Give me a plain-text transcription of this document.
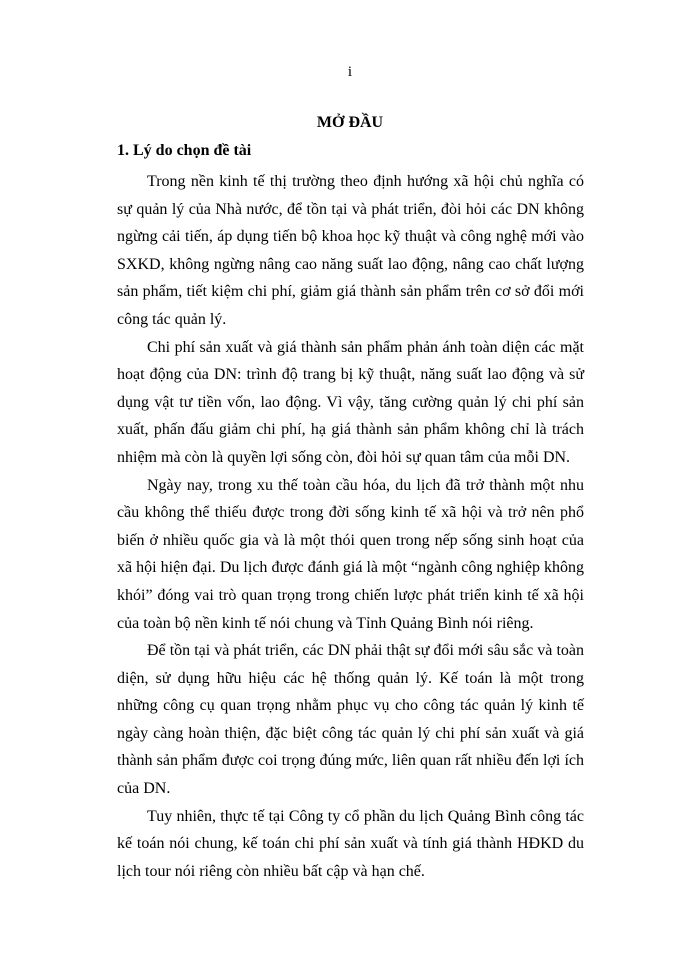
i
MỞ ĐẦU
1. Lý do chọn đề tài

Trong nền kinh tế thị trường theo định hướng xã hội chủ nghĩa có sự quản lý của Nhà nước, để tồn tại và phát triển, đòi hỏi các DN không ngừng cải tiến, áp dụng tiến bộ khoa học kỹ thuật và công nghệ mới vào SXKD, không ngừng nâng cao năng suất lao động, nâng cao chất lượng sản phẩm, tiết kiệm chi phí, giảm giá thành sản phẩm trên cơ sở đổi mới công tác quản lý.

Chi phí sản xuất và giá thành sản phẩm phản ánh toàn diện các mặt hoạt động của DN: trình độ trang bị kỹ thuật, năng suất lao động và sử dụng vật tư tiền vốn, lao động. Vì vậy, tăng cường quản lý chi phí sản xuất, phấn đấu giảm chi phí, hạ giá thành sản phẩm không chỉ là trách nhiệm mà còn là quyền lợi sống còn, đòi hỏi sự quan tâm của mỗi DN.

Ngày nay, trong xu thế toàn cầu hóa, du lịch đã trở thành một nhu cầu không thể thiếu được trong đời sống kinh tế xã hội và trở nên phổ biến ở nhiều quốc gia và là một thói quen trong nếp sống sinh hoạt của xã hội hiện đại. Du lịch được đánh giá là một “ngành công nghiệp không khói” đóng vai trò quan trọng trong chiến lược phát triển kinh tế xã hội của toàn bộ nền kinh tế nói chung và Tỉnh Quảng Bình nói riêng.

Để tồn tại và phát triển, các DN phải thật sự đổi mới sâu sắc và toàn diện, sử dụng hữu hiệu các hệ thống quản lý. Kế toán là một trong những công cụ quan trọng nhằm phục vụ cho công tác quản lý kinh tế ngày càng hoàn thiện, đặc biệt công tác quản lý chi phí sản xuất và giá thành sản phẩm được coi trọng đúng mức, liên quan rất nhiều đến lợi ích của DN.

Tuy nhiên, thực tế tại Công ty cổ phần du lịch Quảng Bình công tác kế toán nói chung, kế toán chi phí sản xuất và tính giá thành HĐKD du lịch tour nói riêng còn nhiều bất cập và hạn chế.
